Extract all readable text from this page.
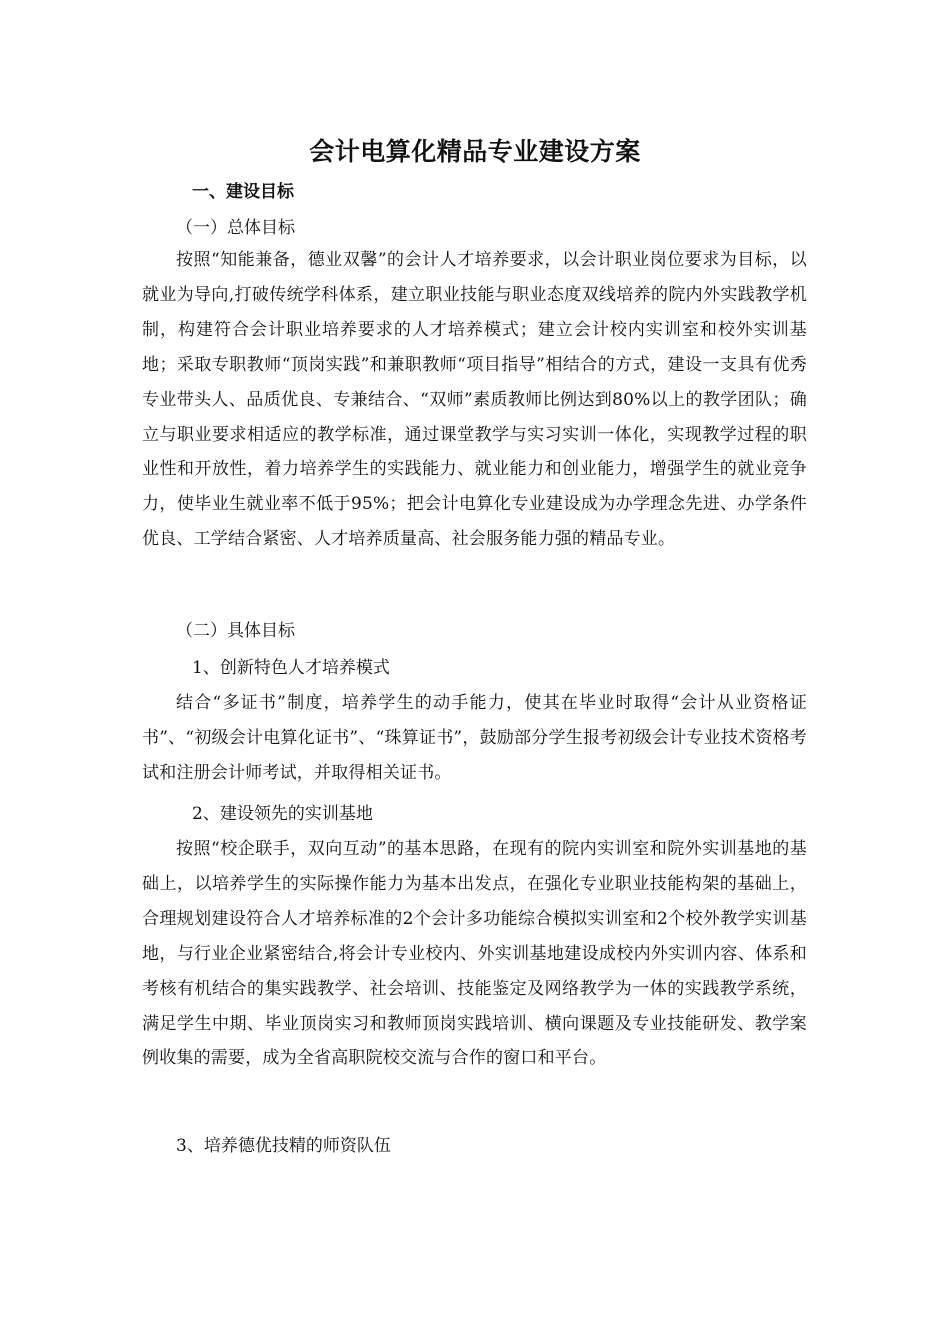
会计电算化精品专业建设方案
一、建设目标
（一）总体目标
按照“知能兼备，德业双馨”的会计人才培养要求，以会计职业岗位要求为目标，以就业为导向,打破传统学科体系，建立职业技能与职业态度双线培养的院内外实践教学机制，构建符合会计职业培养要求的人才培养模式；建立会计校内实训室和校外实训基地；采取专职教师“顶岗实践”和兼职教师“项目指导”相结合的方式，建设一支具有优秀专业带头人、品质优良、专兼结合、“双师”素质教师比例达到80%以上的教学团队；确立与职业要求相适应的教学标准，通过课堂教学与实习实训一体化，实现教学过程的职业性和开放性，着力培养学生的实践能力、就业能力和创业能力，增强学生的就业竞争力，使毕业生就业率不低于95%；把会计电算化专业建设成为办学理念先进、办学条件优良、工学结合紧密、人才培养质量高、社会服务能力强的精品专业。
（二）具体目标
1、创新特色人才培养模式
结合“多证书”制度，培养学生的动手能力，使其在毕业时取得“会计从业资格证书”、“初级会计电算化证书”、“珠算证书”，鼓励部分学生报考初级会计专业技术资格考试和注册会计师考试，并取得相关证书。
2、建设领先的实训基地
按照“校企联手，双向互动”的基本思路，在现有的院内实训室和院外实训基地的基础上，以培养学生的实际操作能力为基本出发点，在强化专业职业技能构架的基础上，合理规划建设符合人才培养标准的2个会计多功能综合模拟实训室和2个校外教学实训基地，与行业企业紧密结合,将会计专业校内、外实训基地建设成校内外实训内容、体系和考核有机结合的集实践教学、社会培训、技能鉴定及网络教学为一体的实践教学系统，满足学生中期、毕业顶岗实习和教师顶岗实践培训、横向课题及专业技能研发、教学案例收集的需要，成为全省高职院校交流与合作的窗口和平台。
3、培养德优技精的师资队伍
